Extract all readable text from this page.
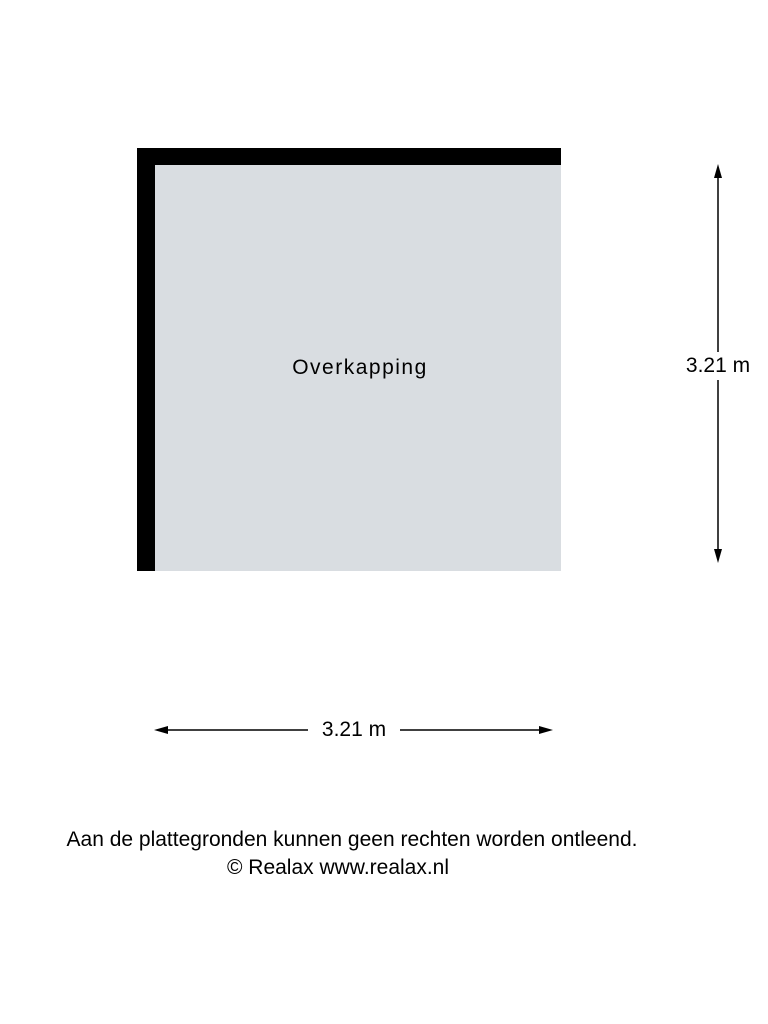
Overkapping	3.21 m
3.21 m
Aan de plattegronden kunnen geen rechten worden ontleend.
© Realax www.realax.nl
